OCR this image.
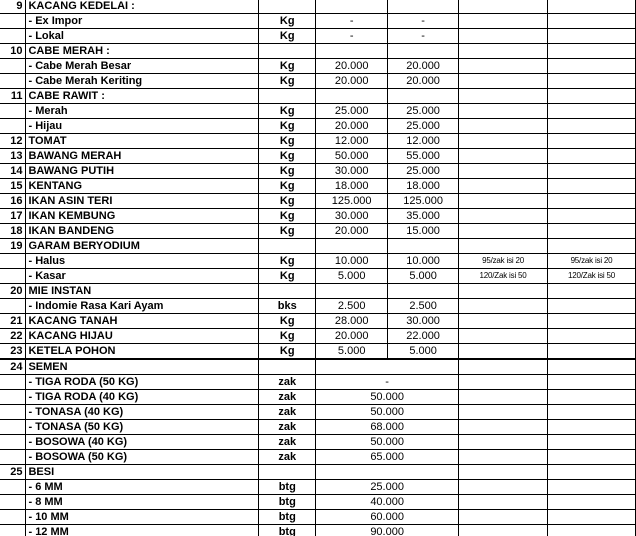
9	KACANG KEDELAI :					
	- Ex Impor	Kg	-	-		
	- Lokal	Kg	-	-		
10	CABE MERAH :					
	- Cabe Merah Besar	Kg	20.000	20.000		
	- Cabe Merah Keriting	Kg	20.000	20.000		
11	CABE RAWIT :					
	- Merah	Kg	25.000	25.000		
	- Hijau	Kg	20.000	25.000		
12	TOMAT	Kg	12.000	12.000		
13	BAWANG MERAH	Kg	50.000	55.000		
14	BAWANG PUTIH	Kg	30.000	25.000		
15	KENTANG	Kg	18.000	18.000		
16	IKAN ASIN TERI	Kg	125.000	125.000		
17	IKAN KEMBUNG	Kg	30.000	35.000		
18	IKAN BANDENG	Kg	20.000	15.000		
19	GARAM BERYODIUM					
	- Halus	Kg	10.000	10.000	95/zak isi 20	95/zak isi 20
	- Kasar	Kg	5.000	5.000	120/Zak isi 50	120/Zak isi 50
20	MIE INSTAN					
	- Indomie Rasa Kari Ayam	bks	2.500	2.500		
21	KACANG TANAH	Kg	28.000	30.000		
22	KACANG HIJAU	Kg	20.000	22.000		
23	KETELA POHON	Kg	5.000	5.000		
24	SEMEN					
	- TIGA RODA (50 KG)	zak	-			
	- TIGA RODA (40 KG)	zak	50.000			
	- TONASA (40 KG)	zak	50.000			
	- TONASA (50 KG)	zak	68.000			
	- BOSOWA (40 KG)	zak	50.000			
	- BOSOWA (50 KG)	zak	65.000			
25	BESI					
	- 6 MM	btg	25.000			
	- 8 MM	btg	40.000			
	- 10 MM	btg	60.000			
	- 12 MM	btg	90.000			
